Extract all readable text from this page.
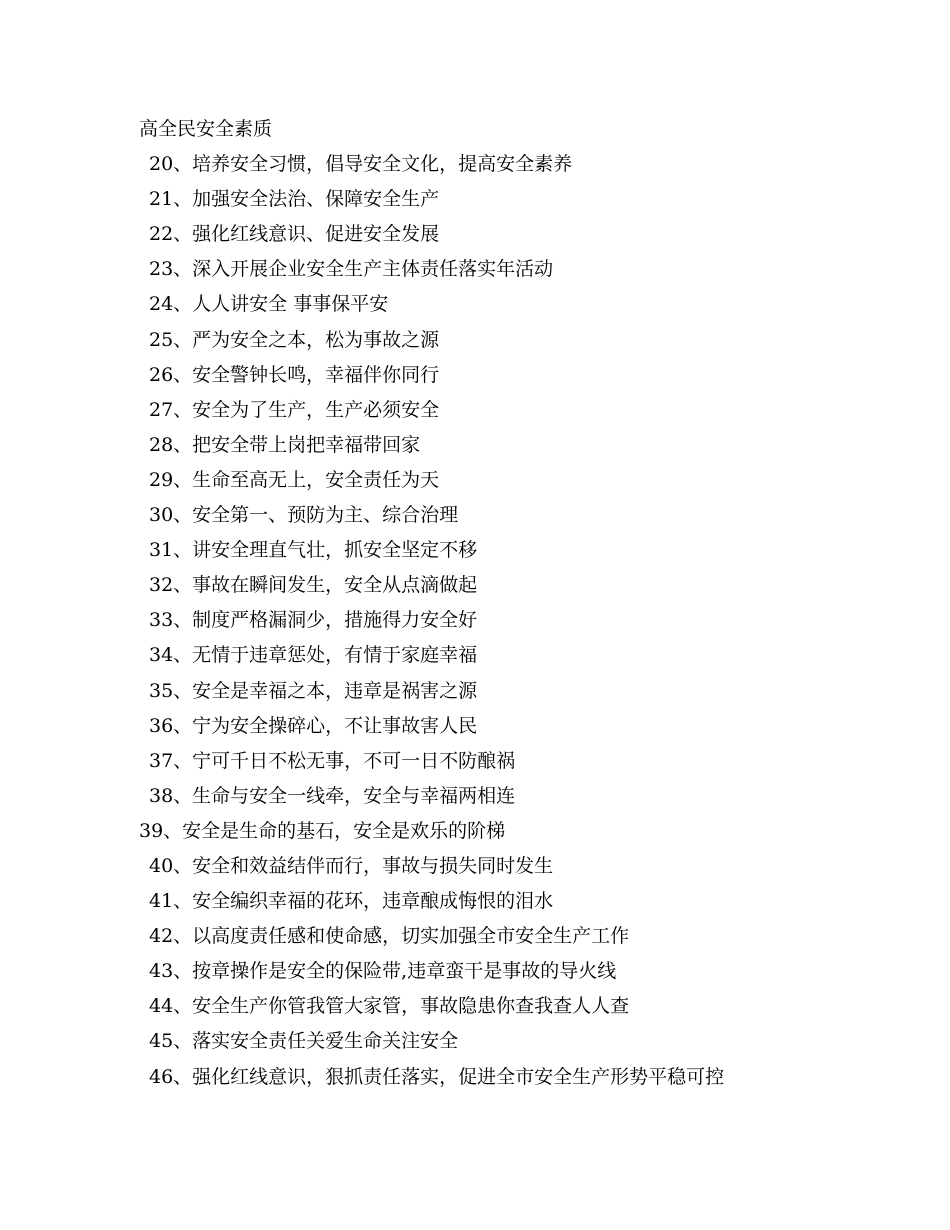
高全民安全素质
20、培养安全习惯，倡导安全文化，提高安全素养
21、加强安全法治、保障安全生产
22、强化红线意识、促进安全发展
23、深入开展企业安全生产主体责任落实年活动
24、人人讲安全 事事保平安
25、严为安全之本，松为事故之源
26、安全警钟长鸣，幸福伴你同行
27、安全为了生产，生产必须安全
28、把安全带上岗把幸福带回家
29、生命至高无上，安全责任为天
30、安全第一、预防为主、综合治理
31、讲安全理直气壮，抓安全坚定不移
32、事故在瞬间发生，安全从点滴做起
33、制度严格漏洞少，措施得力安全好
34、无情于违章惩处，有情于家庭幸福
35、安全是幸福之本，违章是祸害之源
36、宁为安全操碎心，不让事故害人民
37、宁可千日不松无事，不可一日不防酿祸
38、生命与安全一线牵，安全与幸福两相连
39、安全是生命的基石，安全是欢乐的阶梯
40、安全和效益结伴而行，事故与损失同时发生
41、安全编织幸福的花环，违章酿成悔恨的泪水
42、以高度责任感和使命感，切实加强全市安全生产工作
43、按章操作是安全的保险带,违章蛮干是事故的导火线
44、安全生产你管我管大家管，事故隐患你查我查人人查
45、落实安全责任关爱生命关注安全
46、强化红线意识，狠抓责任落实，促进全市安全生产形势平稳可控
